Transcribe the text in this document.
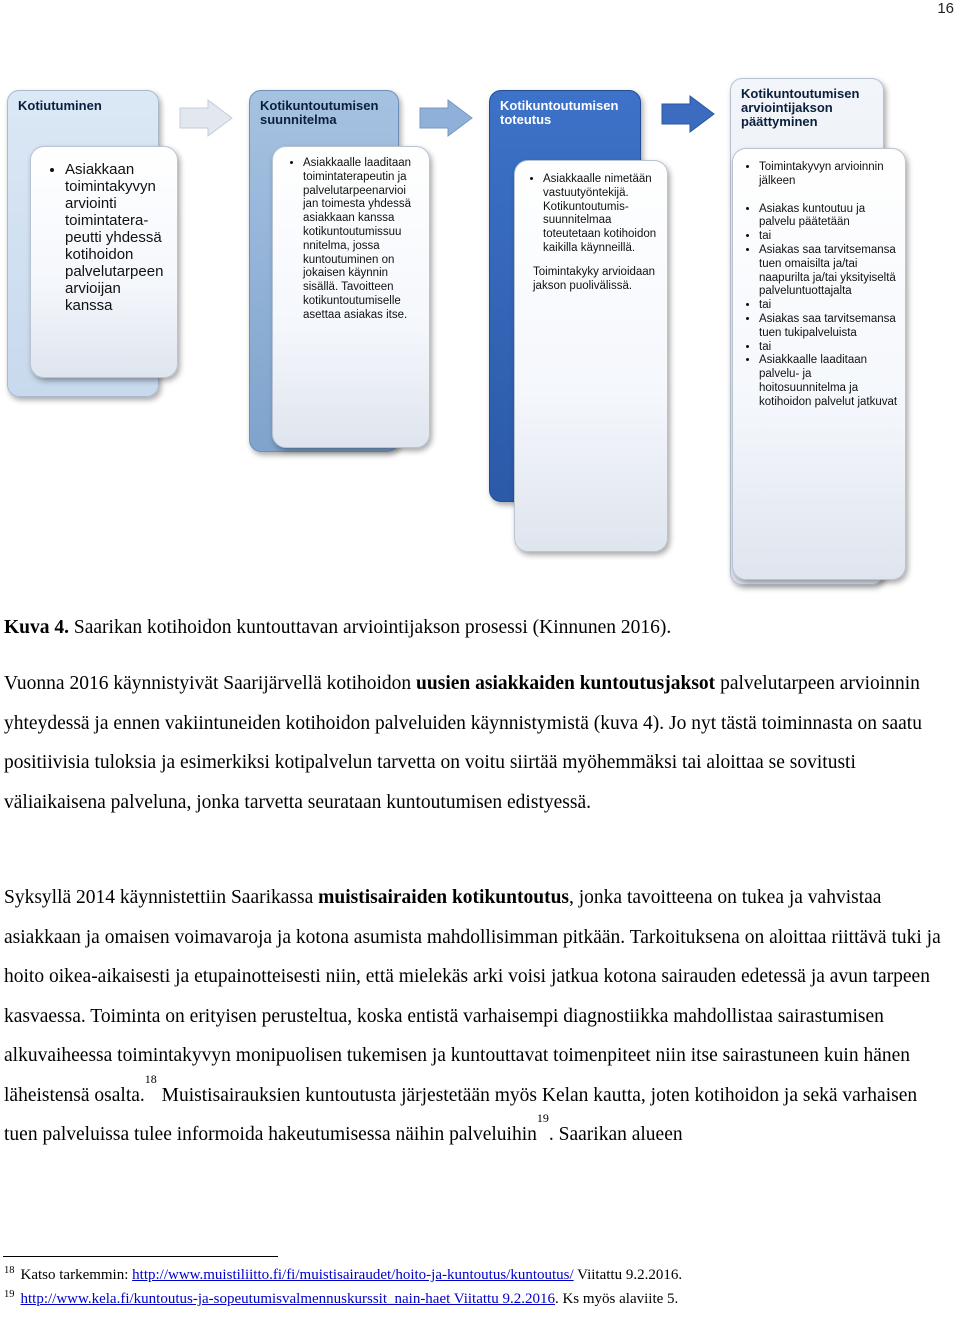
16
Kotiutuminen
• Asiakkaan toimintakyvyn arviointi toimintatera-peutti yhdessä kotihoidon palvelutarpeen arvioijan kanssa
Kotikuntoutumisen suunnitelma
• Asiakkaalle laaditaan toimintaterapeutin ja palvelutarpeenarvioi jan toimesta yhdessä asiakkaan kanssa kotikuntoutumissuu nnitelma, jossa kuntoutuminen on jokaisen käynnin sisällä. Tavoitteen kotikuntoutumiselle asettaa asiakas itse.
Kotikuntoutumisen toteutus
• Asiakkaalle nimetään vastuutyöntekijä. Kotikuntoutumis-suunnitelmaa toteutetaan kotihoidon kaikilla käynneillä.

Toimintakyky arvioidaan jakson puolivälissä.

Kotikuntoutumisen arviointijakson päättyminen
• Toimintakyvyn arvioinnin jälkeen
• Asiakas kuntoutuu ja palvelu päätetään
• tai
• Asiakas saa tarvitsemansa tuen omaisilta ja/tai naapurilta ja/tai yksityiseltä palveluntuottajalta
• tai
• Asiakas saa tarvitsemansa tuen tukipalveluista
• tai
• Asiakkaalle laaditaan palvelu- ja hoitosuunnitelma ja kotihoidon palvelut jatkuvat
Kuva 4. Saarikan kotihoidon kuntouttavan arviointijakson prosessi (Kinnunen 2016).
Vuonna 2016 käynnistyivät Saarijärvellä kotihoidon uusien asiakkaiden kuntoutusjaksot palvelutarpeen arvioinnin yhteydessä ja ennen vakiintuneiden kotihoidon palveluiden käynnistymistä (kuva 4). Jo nyt tästä toiminnasta on saatu positiivisia tuloksia ja esimerkiksi kotipalvelun tarvetta on voitu siirtää myöhemmäksi tai aloittaa se sovitusti väliaikaisena palveluna, jonka tarvetta seurataan kuntoutumisen edistyessä.
Syksyllä 2014 käynnistettiin Saarikassa muistisairaiden kotikuntoutus, jonka tavoitteena on tukea ja vahvistaa asiakkaan ja omaisen voimavaroja ja kotona asumista mahdollisimman pitkään. Tarkoituksena on aloittaa riittävä tuki ja hoito oikea-aikaisesti ja etupainotteisesti niin, että mielekäs arki voisi jatkua kotona sairauden edetessä ja avun tarpeen kasvaessa. Toiminta on erityisen perusteltua, koska entistä varhaisempi diagnostiikka mahdollistaa sairastumisen alkuvaiheessa toimintakyvyn monipuolisen tukemisen ja kuntouttavat toimenpiteet niin itse sairastuneen kuin hänen läheistensä osalta.$^{18}$ Muistisairauksien kuntoutusta järjestetään myös Kelan kautta, joten kotihoidon ja sekä varhaisen tuen palveluissa tulee informoida hakeutumisessa näihin palveluihin$^{19}$. Saarikan alueen
$^{18}$ Katso tarkemmin: http://www.muistiliitto.fi/fi/muistisairaudet/hoito-ja-kuntoutus/kuntoutus/ Viitattu 9.2.2016.
$^{19}$ http://www.kela.fi/kuntoutus-ja-sopeutumisvalmennuskurssit_nain-haet Viitattu 9.2.2016. Ks myös alaviite 5.
